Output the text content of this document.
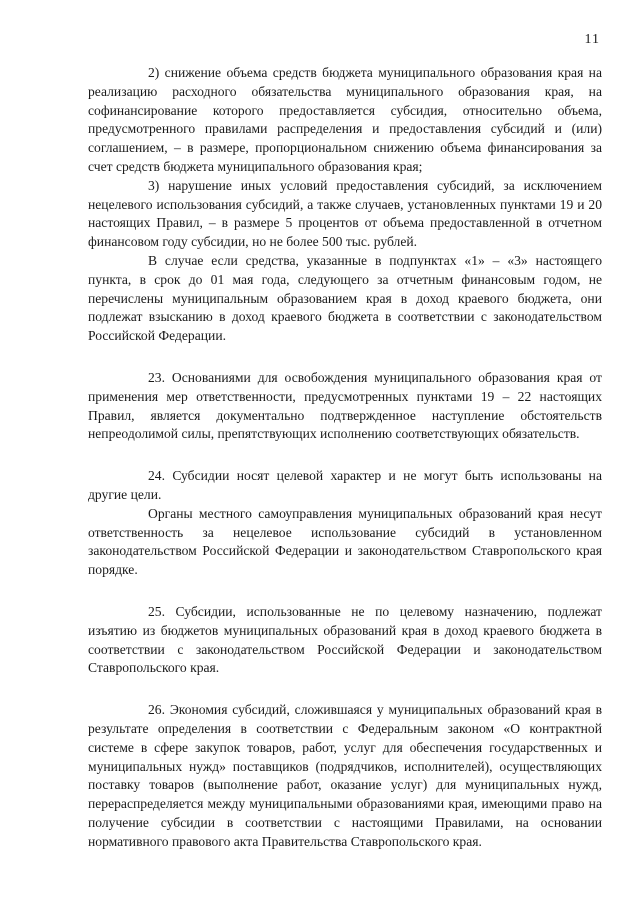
11

2) снижение объема средств бюджета муниципального образования края на реализацию расходного обязательства муниципального образования края, на софинансирование которого предоставляется субсидия, относительно объема, предусмотренного правилами распределения и предоставления субсидий и (или) соглашением, – в размере, пропорциональном снижению объема финансирования за счет средств бюджета муниципального образования края;

3) нарушение иных условий предоставления субсидий, за исключением нецелевого использования субсидий, а также случаев, установленных пунктами 19 и 20 настоящих Правил, – в размере 5 процентов от объема предоставленной в отчетном финансовом году субсидии, но не более 500 тыс. рублей.

В случае если средства, указанные в подпунктах «1» – «3» настоящего пункта, в срок до 01 мая года, следующего за отчетным финансовым годом, не перечислены муниципальным образованием края в доход краевого бюджета, они подлежат взысканию в доход краевого бюджета в соответствии с законодательством Российской Федерации.

23. Основаниями для освобождения муниципального образования края от применения мер ответственности, предусмотренных пунктами 19 – 22 настоящих Правил, является документально подтвержденное наступление обстоятельств непреодолимой силы, препятствующих исполнению соответствующих обязательств.

24. Субсидии носят целевой характер и не могут быть использованы на другие цели.

Органы местного самоуправления муниципальных образований края несут ответственность за нецелевое использование субсидий в установленном законодательством Российской Федерации и законодательством Ставропольского края порядке.

25. Субсидии, использованные не по целевому назначению, подлежат изъятию из бюджетов муниципальных образований края в доход краевого бюджета в соответствии с законодательством Российской Федерации и законодательством Ставропольского края.

26. Экономия субсидий, сложившаяся у муниципальных образований края в результате определения в соответствии с Федеральным законом «О контрактной системе в сфере закупок товаров, работ, услуг для обеспечения государственных и муниципальных нужд» поставщиков (подрядчиков, исполнителей), осуществляющих поставку товаров (выполнение работ, оказание услуг) для муниципальных нужд, перераспределяется между муниципальными образованиями края, имеющими право на получение субсидии в соответствии с настоящими Правилами, на основании нормативного правового акта Правительства Ставропольского края.
